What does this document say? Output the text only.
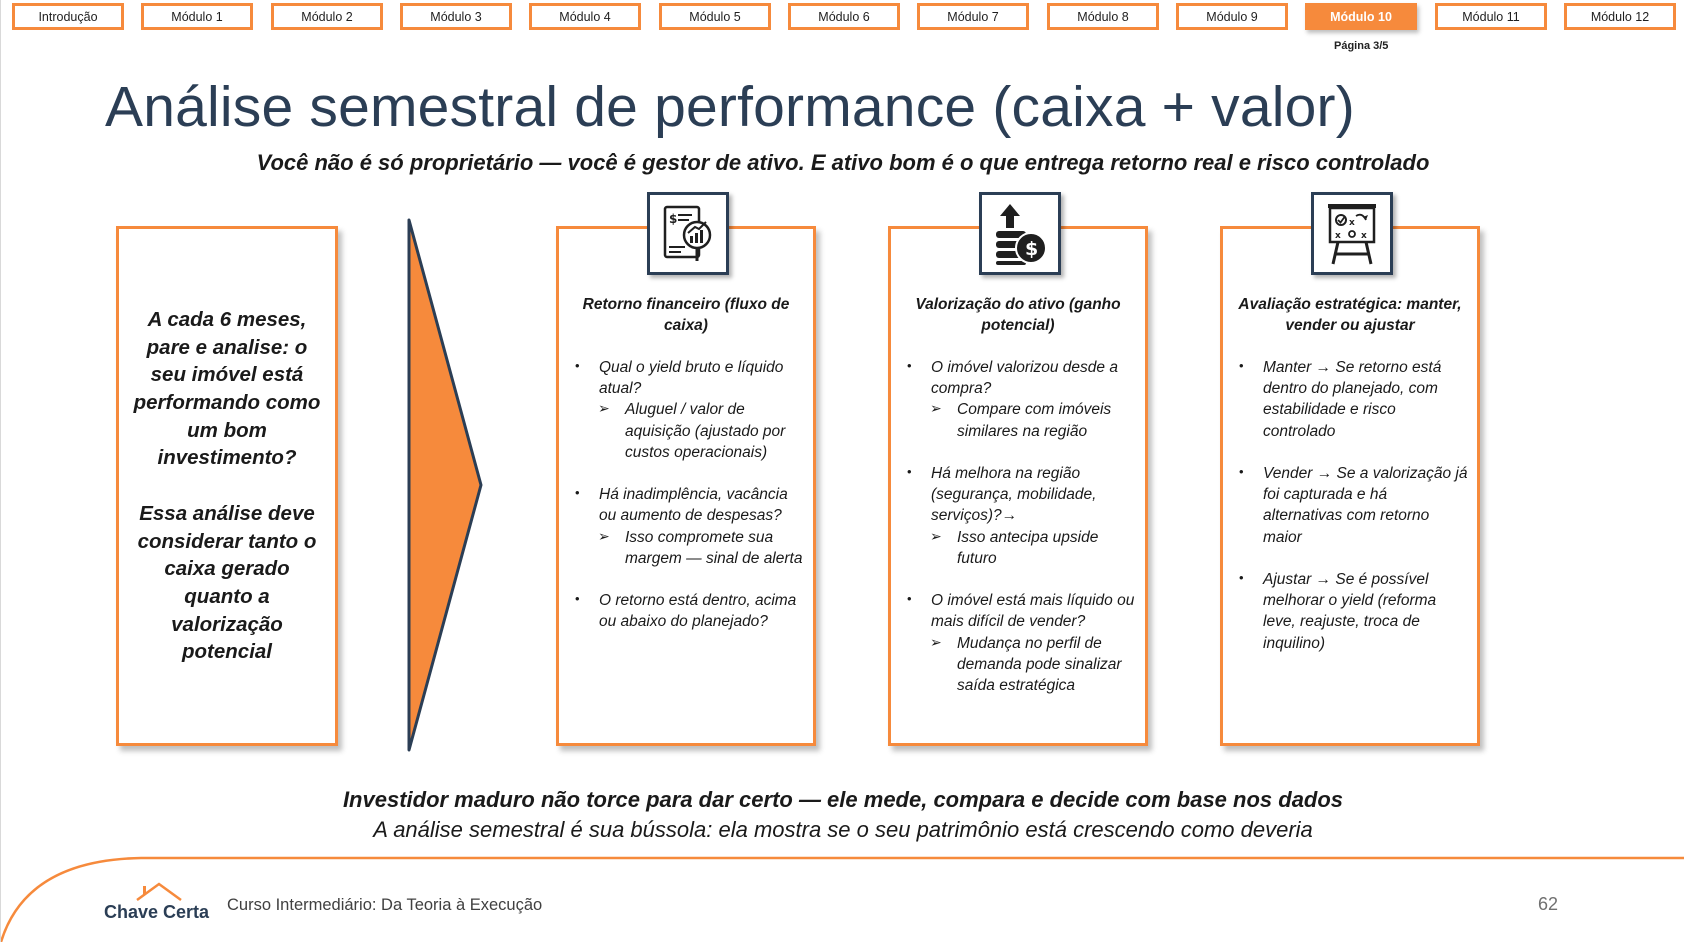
Introdução	Módulo 1	Módulo 2	Módulo 3	Módulo 4	Módulo 5	Módulo 6	Módulo 7	Módulo 8	Módulo 9	Módulo 10	Módulo 11	Módulo 12
Página 3/5
Análise semestral de performance (caixa + valor)
Você não é só proprietário — você é gestor de ativo. E ativo bom é o que entrega retorno real e risco controlado

A cada 6 meses, pare e analise: o seu imóvel está performando como um bom investimento?

Essa análise deve considerar tanto o caixa gerado quanto a valorização potencial

$
Retorno financeiro (fluxo de caixa)
• Qual o yield bruto e líquido atual?
➢ Aluguel / valor de aquisição (ajustado por custos operacionais)
• Há inadimplência, vacância ou aumento de despesas?
➢ Isso compromete sua margem — sinal de alerta
• O retorno está dentro, acima ou abaixo do planejado?
$
Valorização do ativo (ganho potencial)
• O imóvel valorizou desde a compra?
➢ Compare com imóveis similares na região
• Há melhora na região (segurança, mobilidade, serviços)?→
➢ Isso antecipa upside futuro
• O imóvel está mais líquido ou mais difícil de vender?
➢ Mudança no perfil de demanda pode sinalizar saída estratégica
x
x x
Avaliação estratégica: manter, vender ou ajustar
• Manter → Se retorno está dentro do planejado, com estabilidade e risco controlado
• Vender → Se a valorização já foi capturada e há alternativas com retorno maior
• Ajustar → Se é possível melhorar o yield (reforma leve, reajuste, troca de inquilino)
Investidor maduro não torce para dar certo — ele mede, compara e decide com base nos dados
A análise semestral é sua bússola: ela mostra se o seu patrimônio está crescendo como deveria
Chave Certa Curso Intermediário: Da Teoria à Execução	62
